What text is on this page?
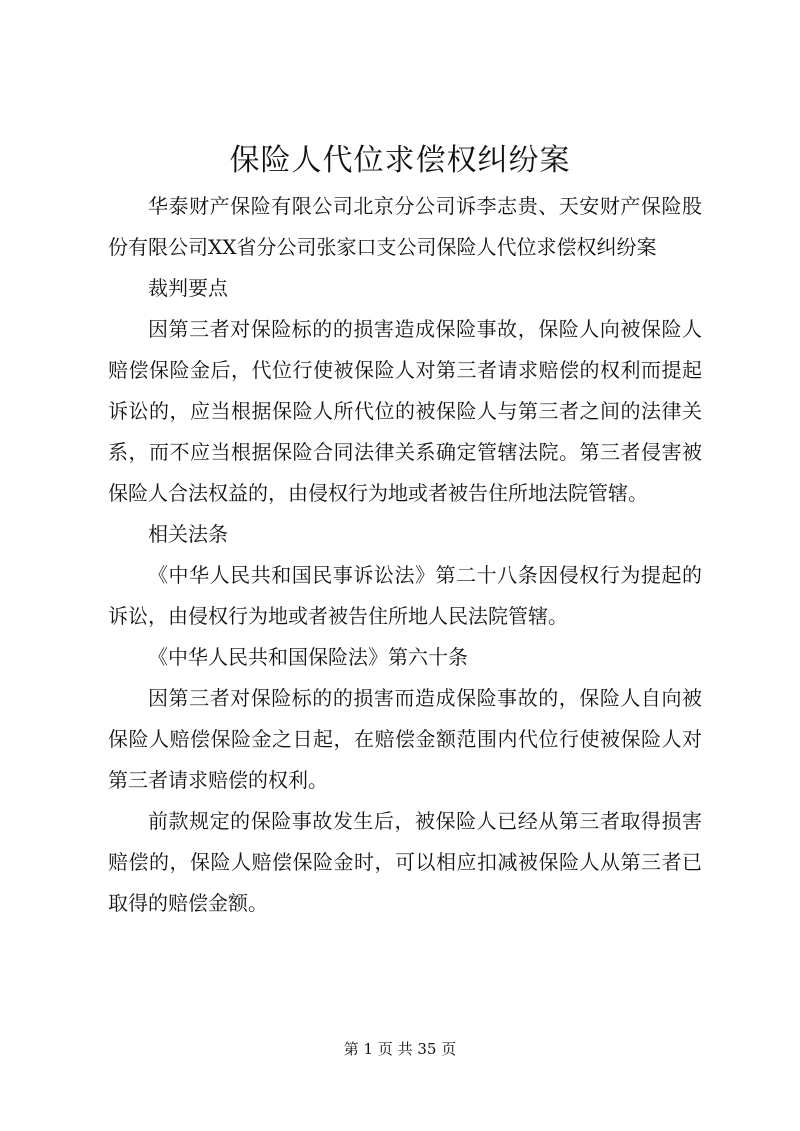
保险人代位求偿权纠纷案

华泰财产保险有限公司北京分公司诉李志贵、天安财产保险股份有限公司XX省分公司张家口支公司保险人代位求偿权纠纷案

裁判要点

因第三者对保险标的的损害造成保险事故，保险人向被保险人赔偿保险金后，代位行使被保险人对第三者请求赔偿的权利而提起诉讼的，应当根据保险人所代位的被保险人与第三者之间的法律关系，而不应当根据保险合同法律关系确定管辖法院。第三者侵害被保险人合法权益的，由侵权行为地或者被告住所地法院管辖。

相关法条

《中华人民共和国民事诉讼法》第二十八条因侵权行为提起的诉讼，由侵权行为地或者被告住所地人民法院管辖。

《中华人民共和国保险法》第六十条

因第三者对保险标的的损害而造成保险事故的，保险人自向被保险人赔偿保险金之日起，在赔偿金额范围内代位行使被保险人对第三者请求赔偿的权利。

前款规定的保险事故发生后，被保险人已经从第三者取得损害赔偿的，保险人赔偿保险金时，可以相应扣减被保险人从第三者已取得的赔偿金额。

第 1 页 共 35 页
